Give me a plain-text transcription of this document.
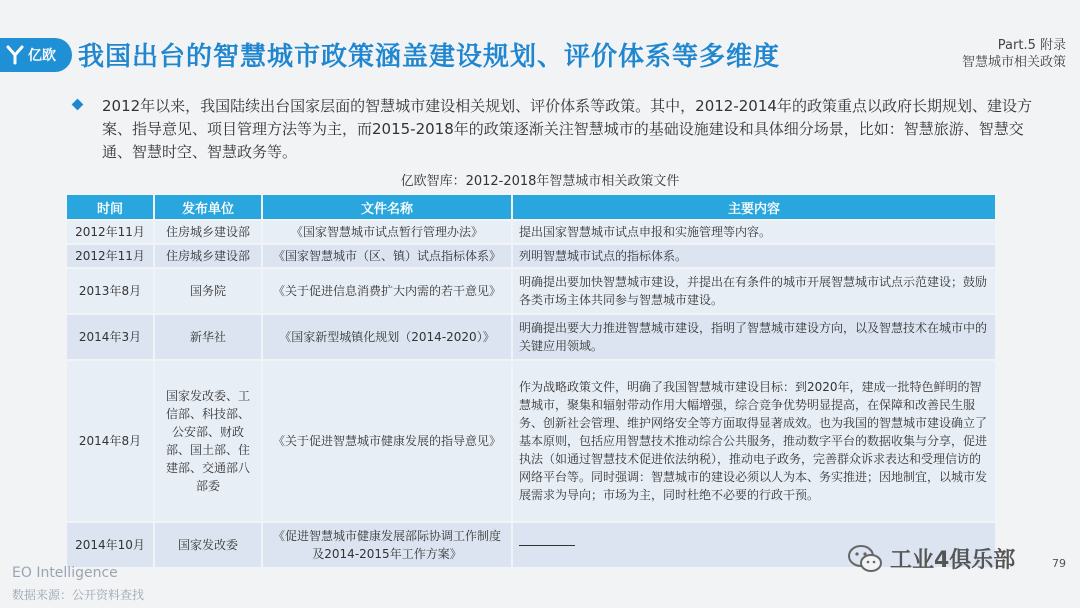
亿欧 我国出台的智慧城市政策涵盖建设规划、评价体系等多维度	Part.5 附录
智慧城市相关政策

2012年以来，我国陆续出台国家层面的智慧城市建设相关规划、评价体系等政策。其中，2012-2014年的政策重点以政府长期规划、建设方案、指导意见、项目管理方法等为主，而2015-2018年的政策逐渐关注智慧城市的基础设施建设和具体细分场景，比如：智慧旅游、智慧交通、智慧时空、智慧政务等。

亿欧智库：2012-2018年智慧城市相关政策文件
时间	发布单位	文件名称	主要内容
2012年11月	住房城乡建设部	《国家智慧城市试点暂行管理办法》	提出国家智慧城市试点申报和实施管理等内容。
2012年11月	住房城乡建设部	《国家智慧城市（区、镇）试点指标体系》	列明智慧城市试点的指标体系。
2013年8月	国务院	《关于促进信息消费扩大内需的若干意见》	明确提出要加快智慧城市建设，并提出在有条件的城市开展智慧城市试点示范建设；鼓励各类市场主体共同参与智慧城市建设。
2014年3月	新华社	《国家新型城镇化规划（2014-2020）》	明确提出要大力推进智慧城市建设，指明了智慧城市建设方向，以及智慧技术在城市中的关键应用领域。
2014年8月	国家发改委、工信部、科技部、公安部、财政部、国土部、住建部、交通部八部委	《关于促进智慧城市健康发展的指导意见》	作为战略政策文件，明确了我国智慧城市建设目标：到2020年，建成一批特色鲜明的智慧城市，聚集和辐射带动作用大幅增强，综合竞争优势明显提高，在保障和改善民生服务、创新社会管理、维护网络安全等方面取得显著成效。也为我国的智慧城市建设确立了基本原则，包括应用智慧技术推动综合公共服务，推动数字平台的数据收集与分享，促进执法（如通过智慧技术促进依法纳税），推动电子政务，完善群众诉求表达和受理信访的网络平台等。同时强调：智慧城市的建设必须以人为本、务实推进；因地制宜，以城市发展需求为导向；市场为主，同时杜绝不必要的行政干预。
2014年10月	国家发改委	《促进智慧城市健康发展部际协调工作制度及2014-2015年工作方案》	
EO Intelligence
数据来源：公开资料查找
工业4俱乐部	79
